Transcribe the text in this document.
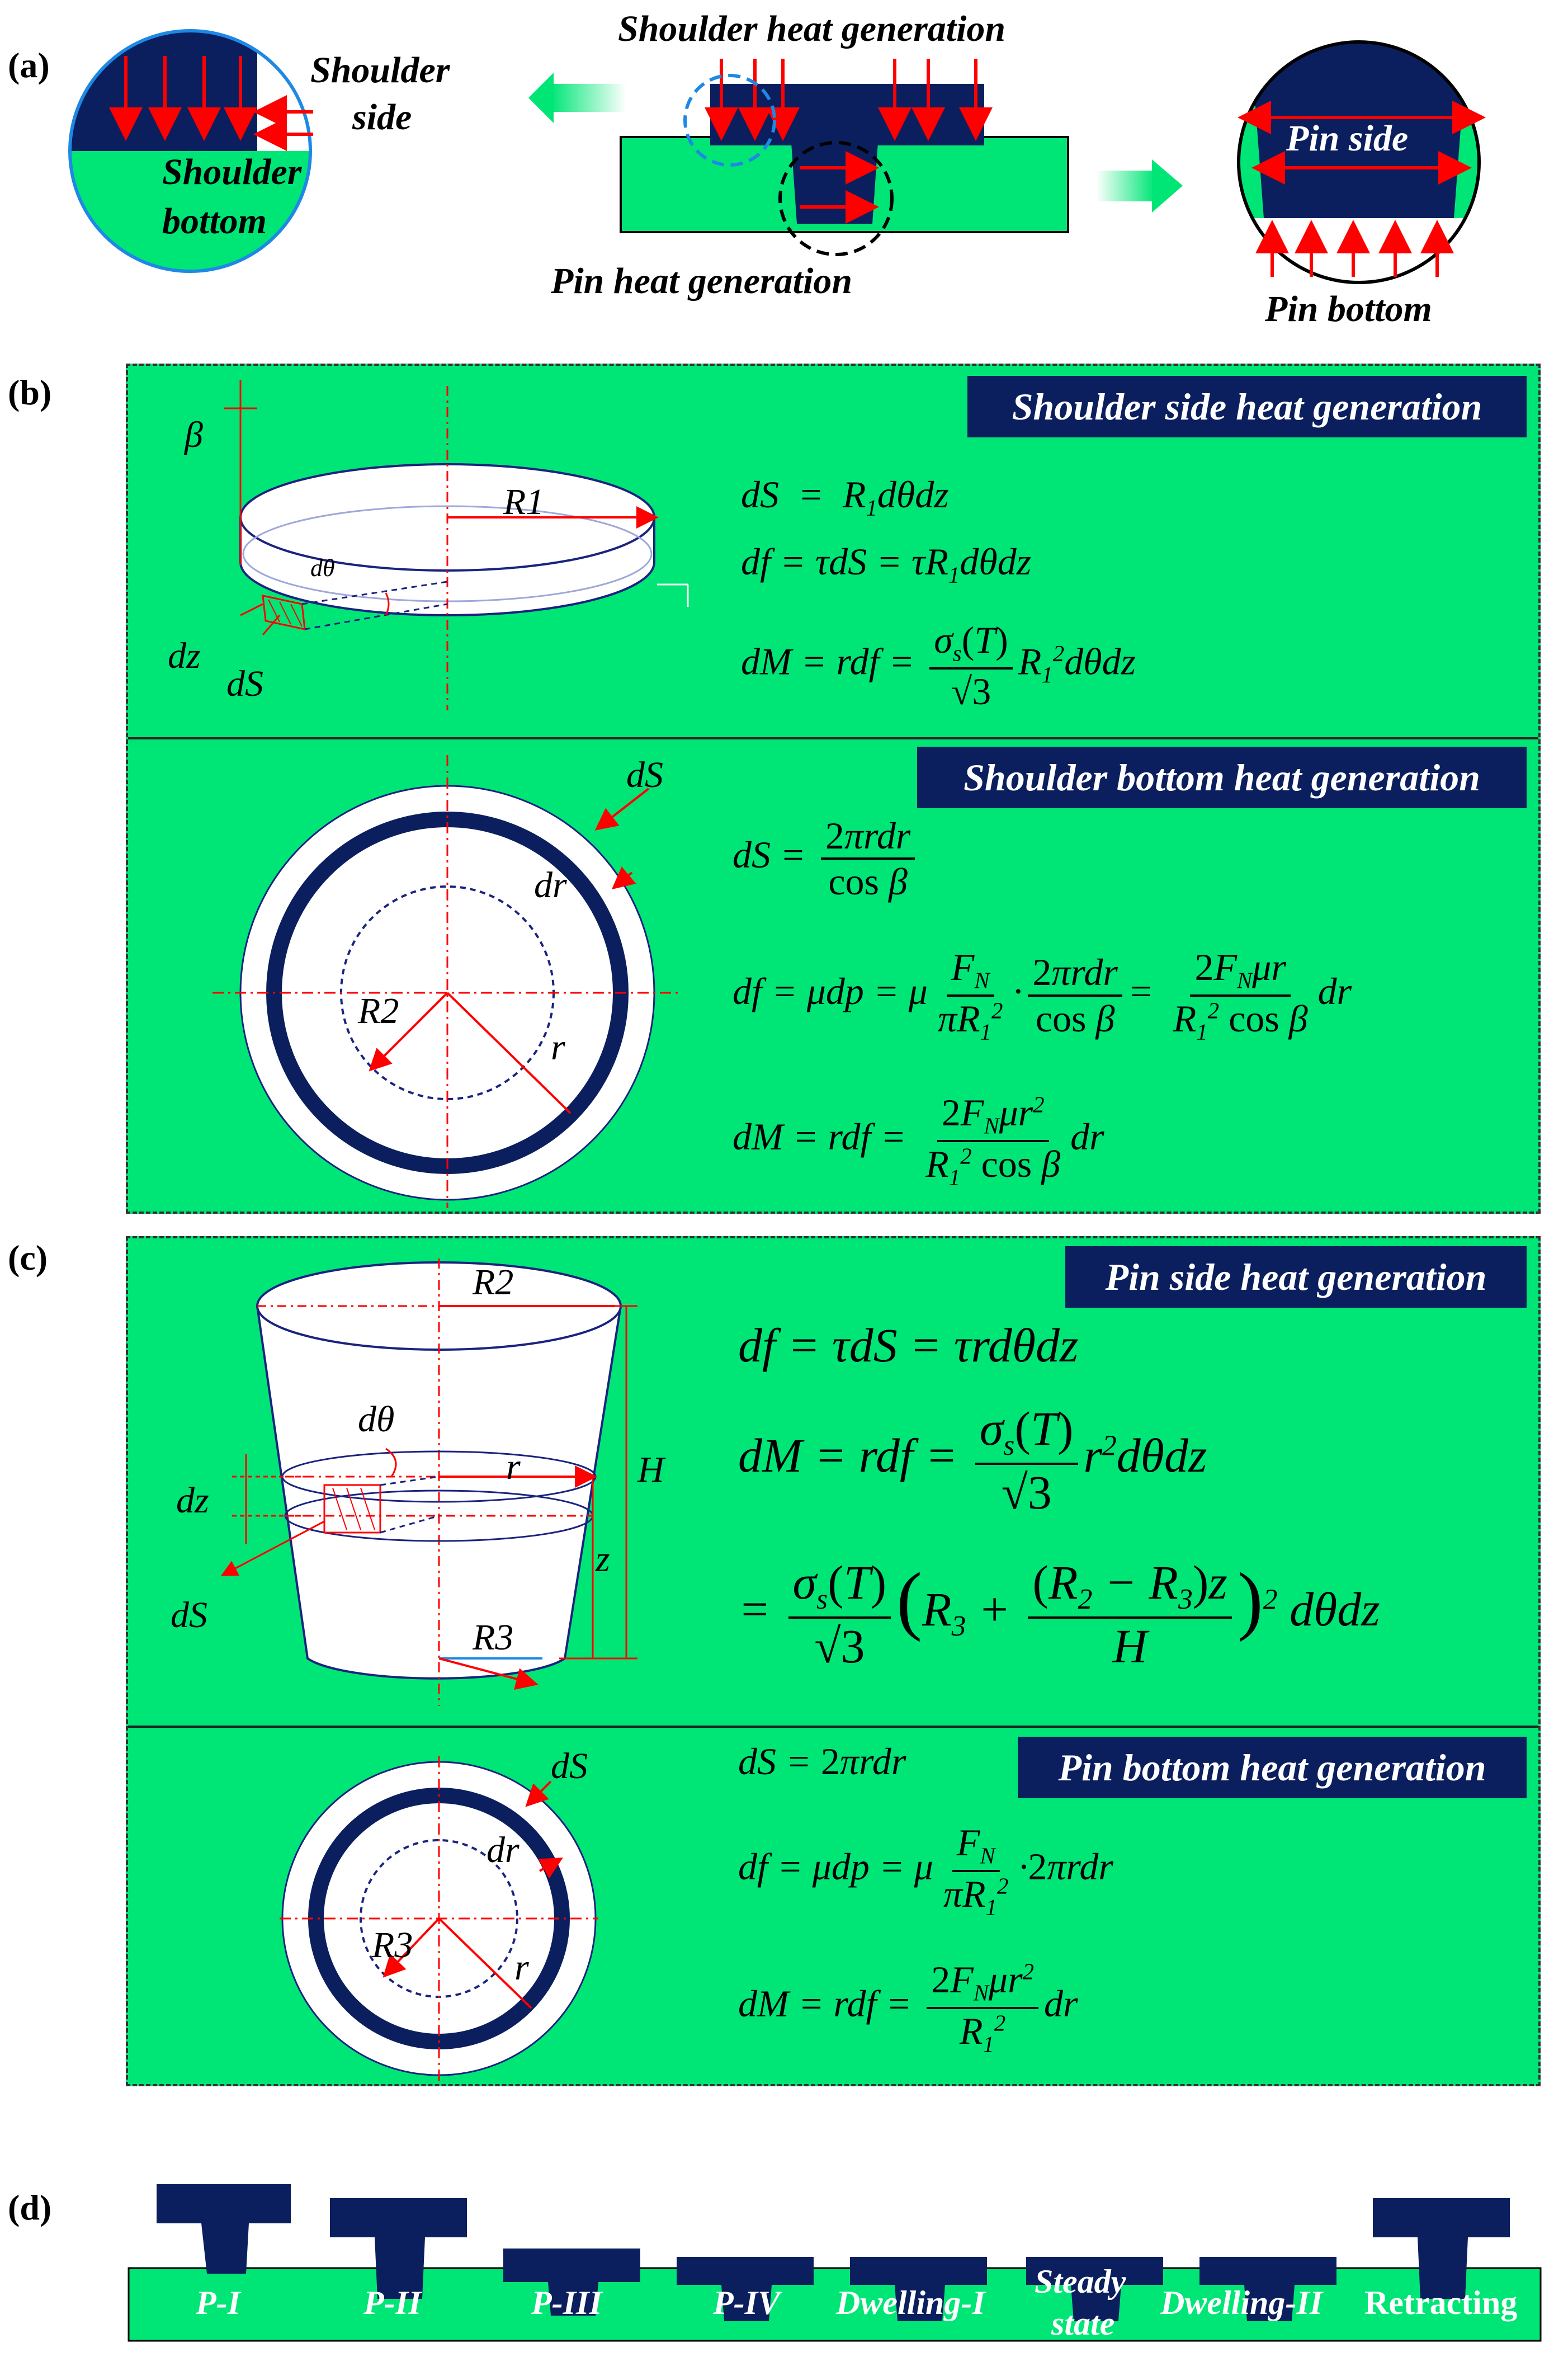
(a)	Shoulder
side
Shoulder
bottom
Shoulder heat generation
Pin heat generation
Pin side
Pin bottom
(b)	Shoulder side heat generation
Shoulder bottom heat generation
β
R1
dθ
dz
dS
dS
dr
R2
r
dS  =  $R_1d\theta dz$
df = $\tau dS = \tau R_1d\theta dz$
dM = rdf = $\frac{\sigma_s(T)}{√3} R_1^2d\theta dz$
dS = $\frac{\text{2πrdr}}{\text{cos β}}$
df = μdp = μ $\frac{F_N}{\pi R_1^2} \cdot \frac{\text{2πrdr}}{\text{cos β}} = \frac{2F_N\mu r}{R_1^2 \cos \beta}$ dr
dM = rdf = $\frac{2F_N\mu r^2}{R_1^2 \cos \beta}$ dr
(c)	Pin side heat generation
Pin bottom heat generation
R2
dθ
r	H
dz
z
dS
R3
dS
dr
R3
r
df = τdS = τrdθdz
dM = rdf = $\frac{\sigma_s(T)}{√3} r^2d\theta dz$
= $\frac{\sigma_s(T)}{√3} (R_3 + \frac{(R_2 - R_3)z}{H} )^2$ dθdz
dS = 2πrdr
df = μdp = μ $\frac{F_N}{\pi R_1^2} \cdot 2\pi rdr$
dM = rdf = $\frac{2F_N\mu r^2}{R_1^2}$ dr
(d)
P-I	P-II	P-III	P-IV Dwelling-I
Steady
state
Dwelling-II Retracting
